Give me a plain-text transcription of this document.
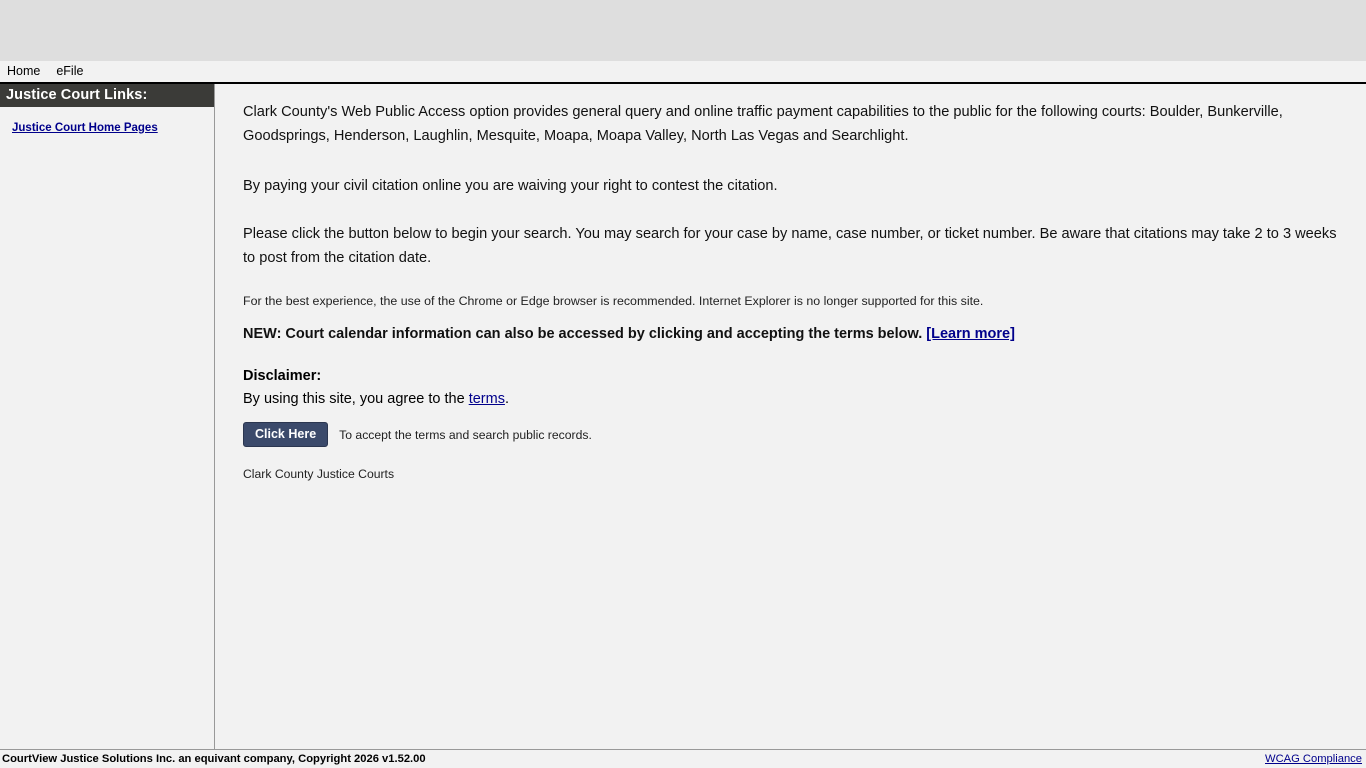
Home	eFile
Justice Court Links:
Justice Court Home Pages

Clark County's Web Public Access option provides general query and online traffic payment capabilities to the public for the following courts: Boulder, Bunkerville, Goodsprings, Henderson, Laughlin, Mesquite, Moapa, Moapa Valley, North Las Vegas and Searchlight.

By paying your civil citation online you are waiving your right to contest the citation.

Please click the button below to begin your search. You may search for your case by name, case number, or ticket number. Be aware that citations may take 2 to 3 weeks to post from the citation date.

For the best experience, the use of the Chrome or Edge browser is recommended. Internet Explorer is no longer supported for this site.

NEW: Court calendar information can also be accessed by clicking and accepting the terms below. [Learn more]

Disclaimer:
By using this site, you agree to the terms.
Click Here	To accept the terms and search public records.
Clark County Justice Courts
CourtView Justice Solutions Inc. an equivant company, Copyright 2026 v1.52.00	WCAG Compliance
